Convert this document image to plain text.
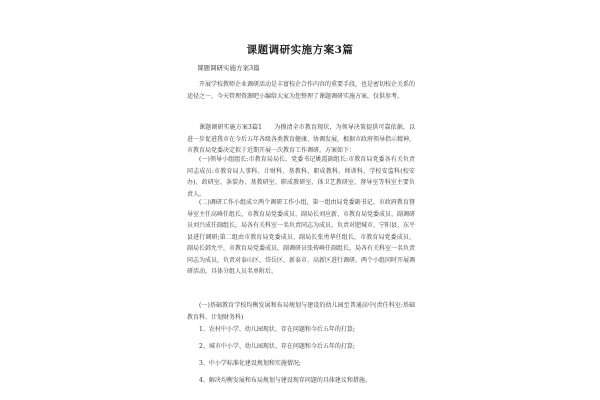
课题调研实施方案3篇
课题调研实施方案3篇

开展学校教师企业调研活动是丰富校企合作内容的重要手段，也是密切校企关系的途径之一，今天管理资源吧小编给大家为您整理了课题调研实施方案，仅供参考。

课题调研实施方案3篇1　　为摸清全市教育现状，为领导决策提供可靠依据，以进一步促进我市在今后五年各级各类教育健康、协调发展，根据市政府领导指示精神，市教育局党委决定拟于近期开展一次教育工作调研。方案如下：

(一)领导小组组长:市教育局局长、党委书记姚霞副组长:市教育局党委各有关负责同志成员:市教育局人事科、计财科、基教科、职成教科、师训科、学校安监科(校安办)、政研室、条装办、基教研室、职成教研室、体卫艺教研室、督导室等科室主要负责人。

(二)调研工作小组成立两个调研工作小组，第一组由局党委副书记、市政府教育督导室主任高峰任组长，市教育局党委成员、副局长刘应新、市教育局党委成员、副调研员刘兴成任副组长，局各有关科室一名负责同志为成员，负责对肥城市、宁阳县、东平县进行调研;第二组由市教育局党委成员、副局长张勇华任组长，市教育局党委成员、副局长韩允平，市教育局党委成员，副调研员张传峰任副组长，局各有关科室一名负责同志为成员，负责对泰山区、岱岳区、新泰市、高新区进行调研。两个小组同时开展调研活动，具体分组人员名单附后。

(一)基础教育学校均衡发展和布局规划与建设的幼儿园至普通高中(责任科室:基础教育科、计划财务科)

1、农村中小学、幼儿园现状、存在问题和今后五年的打算;

2、城市中小学、幼儿园现状、存在问题和今后五年的打算;

3、中小学标准化建设规划和实施情况;

4、解决均衡发展和布局规划与建设现存问题的具体建议和措施。
